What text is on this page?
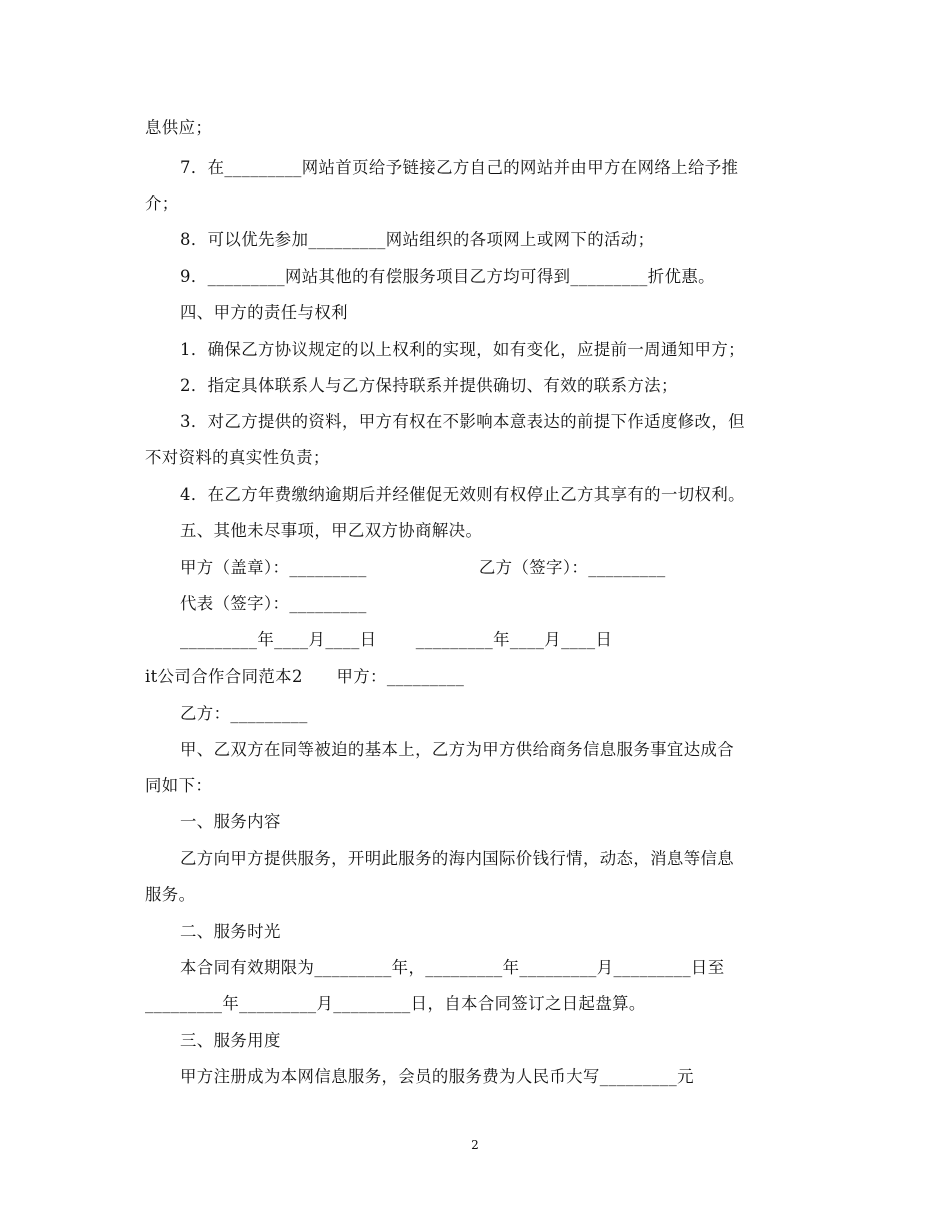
息供应；
7．在_________网站首页给予链接乙方自己的网站并由甲方在网络上给予推
介；
8．可以优先参加_________网站组织的各项网上或网下的活动；
9．_________网站其他的有偿服务项目乙方均可得到_________折优惠。
四、甲方的责任与权利
1．确保乙方协议规定的以上权利的实现，如有变化，应提前一周通知甲方；
2．指定具体联系人与乙方保持联系并提供确切、有效的联系方法；
3．对乙方提供的资料，甲方有权在不影响本意表达的前提下作适度修改，但
不对资料的真实性负责；
4．在乙方年费缴纳逾期后并经催促无效则有权停止乙方其享有的一切权利。
五、其他未尽事项，甲乙双方协商解决。
甲方（盖章）：_________                    乙方（签字）：_________
代表（签字）：_________
_________年____月____日       _________年____月____日
it公司合作合同范本2      甲方：_________
乙方：_________
甲、乙双方在同等被迫的基本上，乙方为甲方供给商务信息服务事宜达成合
同如下：
一、服务内容
乙方向甲方提供服务，开明此服务的海内国际价钱行情，动态，消息等信息
服务。
二、服务时光
本合同有效期限为_________年，_________年_________月_________日至
_________年_________月_________日，自本合同签订之日起盘算。
三、服务用度
甲方注册成为本网信息服务，会员的服务费为人民币大写_________元
2
